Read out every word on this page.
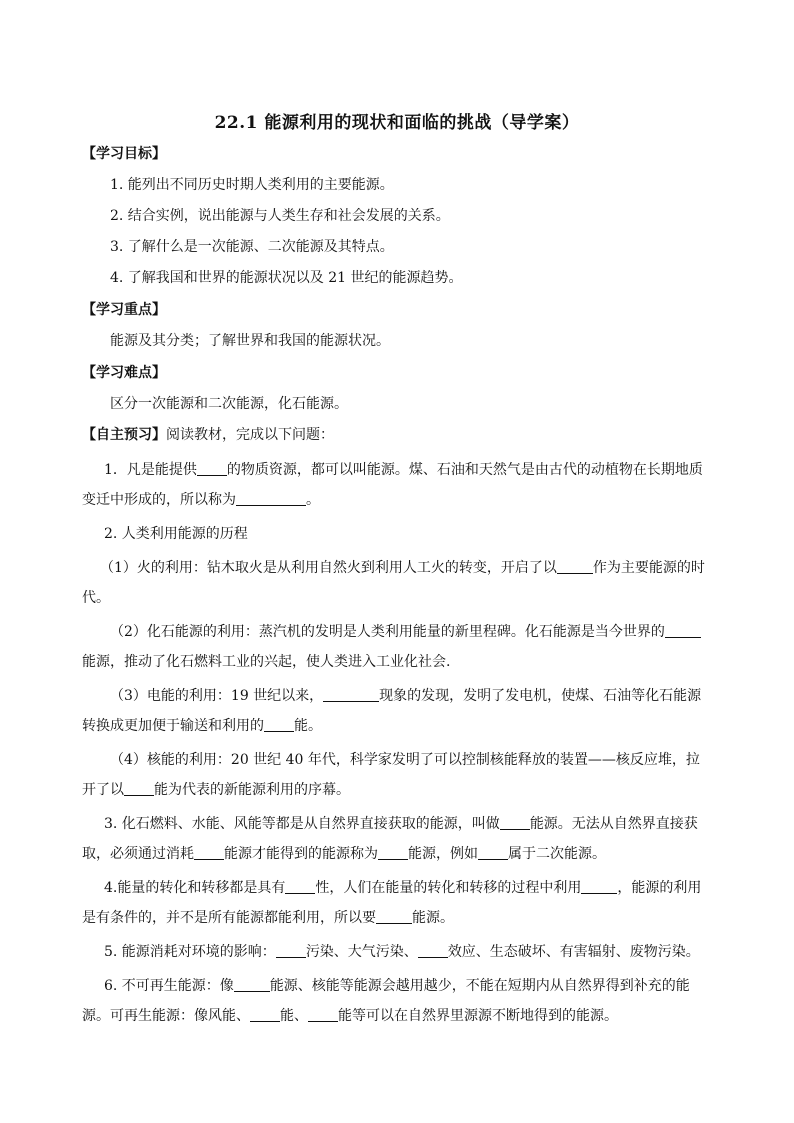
22.1 能源利用的现状和面临的挑战（导学案）
【学习目标】
1. 能列出不同历史时期人类利用的主要能源。
2. 结合实例，说出能源与人类生存和社会发展的关系。
3. 了解什么是一次能源、二次能源及其特点。
4. 了解我国和世界的能源状况以及 21 世纪的能源趋势。
【学习重点】
能源及其分类；了解世界和我国的能源状况。
【学习难点】
区分一次能源和二次能源，化石能源。
【自主预习】阅读教材，完成以下问题：
1．凡是能提供 的物质资源，都可以叫能源。煤、石油和天然气是由古代的动植物在长期地质变迁中形成的，所以称为	。
2. 人类利用能源的历程
（1）火的利用：钻木取火是从利用自然火到利用人工火的转变，开启了以	作为主要能源的时代。
（2）化石能源的利用：蒸汽机的发明是人类利用能量的新里程碑。化石能源是当今世界的能源，推动了化石燃料工业的兴起，使人类进入工业化社会.
（3）电能的利用：19 世纪以来，	现象的发现，发明了发电机，使煤、石油等化石能源转换成更加便于输送和利用的 能。
（4）核能的利用：20 世纪 40 年代，科学家发明了可以控制核能释放的装置——核反应堆，拉开了以 能为代表的新能源利用的序幕。
3. 化石燃料、水能、风能等都是从自然界直接获取的能源，叫做 能源。无法从自然界直接获取，必须通过消耗 能源才能得到的能源称为 能源，例如 属于二次能源。
4.能量的转化和转移都是具有 性，人们在能量的转化和转移的过程中利用	，能源的利用是有条件的，并不是所有能源都能利用，所以要	能源。
5. 能源消耗对环境的影响： 污染、大气污染、 效应、生态破坏、有害辐射、废物污染。
6. 不可再生能源：像	能源、核能等能源会越用越少，不能在短期内从自然界得到补充的能源。可再生能源：像风能、 能、 能等可以在自然界里源源不断地得到的能源。
